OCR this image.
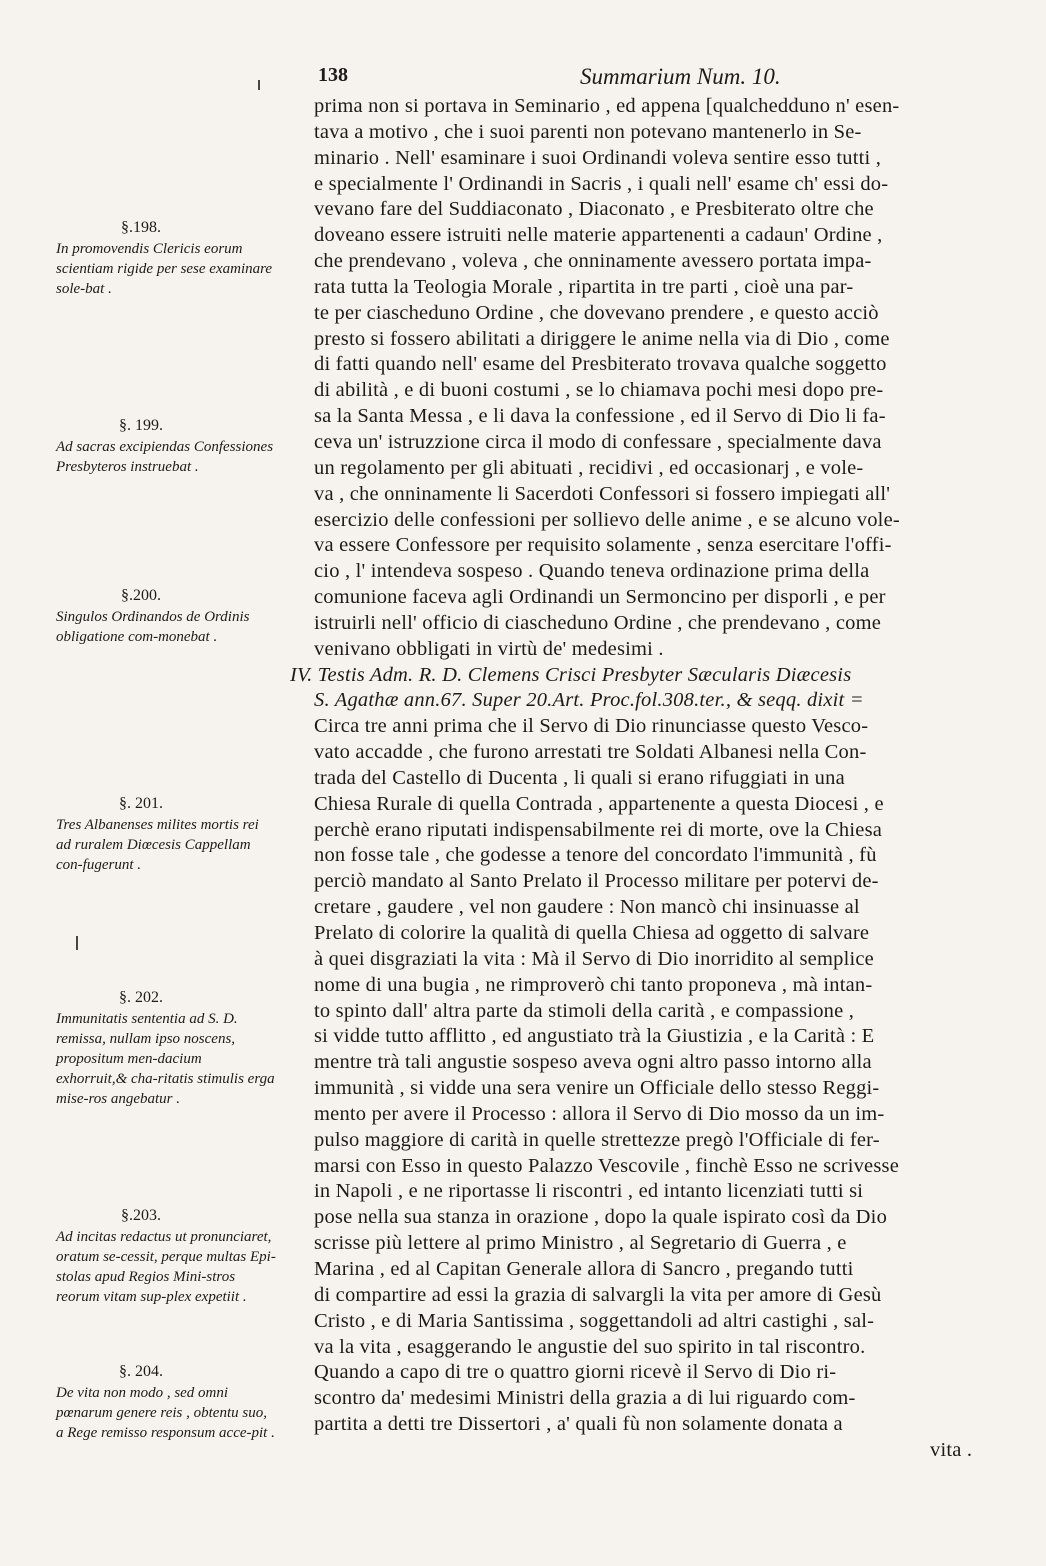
138	Summarium Num. 10.
§.198.
In promovendis Clericis eorum scientiam rigide per sese examinare sole-bat .
§. 199.
Ad sacras excipiendas Confessiones Presbyteros instruebat .
§.200.
Singulos Ordinandos de Ordinis obligatione com-monebat .
§. 201.
Tres Albanenses milites mortis rei ad ruralem Diœcesis Cappellam con-fugerunt .
§. 202.
Immunitatis sententia ad S. D. remissa, nullam ipso noscens, propositum men-dacium exhorruit,& cha-ritatis stimulis erga mise-ros angebatur .
§.203.
Ad incitas redactus ut pronunciaret, oratum se-cessit, perque multas Epi-stolas apud Regios Mini-stros reorum vitam sup-plex expetiit .
§. 204.
De vita non modo , sed omni pœnarum genere reis , obtentu suo, a Rege remisso responsum acce-pit .
prima non si portava in Seminario , ed appena [qualchedduno n' esen-
tava a motivo , che i suoi parenti non potevano mantenerlo in Se-
minario . Nell' esaminare i suoi Ordinandi voleva sentire esso tutti ,
e specialmente l' Ordinandi in Sacris , i quali nell' esame ch' essi do-
vevano fare del Suddiaconato , Diaconato , e Presbiterato oltre che
doveano essere istruiti nelle materie appartenenti a cadaun' Ordine ,
che prendevano , voleva , che onninamente avessero portata impa-
rata tutta la Teologia Morale , ripartita in tre parti , cioè una par-
te per ciascheduno Ordine , che dovevano prendere , e questo acciò
presto si fossero abilitati a diriggere le anime nella via di Dio , come
di fatti quando nell' esame del Presbiterato trovava qualche soggetto
di abilità , e di buoni costumi , se lo chiamava pochi mesi dopo pre-
sa la Santa Messa , e li dava la confessione , ed il Servo di Dio li fa-
ceva un' istruzzione circa il modo di confessare , specialmente dava
un regolamento per gli abituati , recidivi , ed occasionarj , e vole-
va , che onninamente li Sacerdoti Confessori si fossero impiegati all'
esercizio delle confessioni per sollievo delle anime , e se alcuno vole-
va essere Confessore per requisito solamente , senza esercitare l'offi-
cio , l' intendeva sospeso . Quando teneva ordinazione prima della
comunione faceva agli Ordinandi un Sermoncino per disporli , e per
istruirli nell' officio di ciascheduno Ordine , che prendevano , come
venivano obbligati in virtù de' medesimi .
IV. Testis Adm. R. D. Clemens Crisci Presbyter Sæcularis Diæcesis
S. Agathæ ann.67. Super 20.Art. Proc.fol.308.ter., & seqq. dixit =
Circa tre anni prima che il Servo di Dio rinunciasse questo Vesco-
vato accadde , che furono arrestati tre Soldati Albanesi nella Con-
trada del Castello di Ducenta , li quali si erano rifuggiati in una
Chiesa Rurale di quella Contrada , appartenente a questa Diocesi , e
perchè erano riputati indispensabilmente rei di morte, ove la Chiesa
non fosse tale , che godesse a tenore del concordato l'immunità , fù
perciò mandato al Santo Prelato il Processo militare per potervi de-
cretare , gaudere , vel non gaudere : Non mancò chi insinuasse al
Prelato di colorire la qualità di quella Chiesa ad oggetto di salvare
à quei disgraziati la vita : Mà il Servo di Dio inorridito al semplice
nome di una bugia , ne rimproverò chi tanto proponeva , mà intan-
to spinto dall' altra parte da stimoli della carità , e compassione ,
si vidde tutto afflitto , ed angustiato trà la Giustizia , e la Carità : E
mentre trà tali angustie sospeso aveva ogni altro passo intorno alla
immunità , si vidde una sera venire un Officiale dello stesso Reggi-
mento per avere il Processo : allora il Servo di Dio mosso da un im-
pulso maggiore di carità in quelle strettezze pregò l'Officiale di fer-
marsi con Esso in questo Palazzo Vescovile , finchè Esso ne scrivesse
in Napoli , e ne riportasse li riscontri , ed intanto licenziati tutti si
pose nella sua stanza in orazione , dopo la quale ispirato così da Dio
scrisse più lettere al primo Ministro , al Segretario di Guerra , e
Marina , ed al Capitan Generale allora di Sancro , pregando tutti
di compartire ad essi la grazia di salvargli la vita per amore di Gesù
Cristo , e di Maria Santissima , soggettandoli ad altri castighi , sal-
va la vita , esaggerando le angustie del suo spirito in tal riscontro.
Quando a capo di tre o quattro giorni ricevè il Servo di Dio ri-
scontro da' medesimi Ministri della grazia a di lui riguardo com-
partita a detti tre Dissertori , a' quali fù non solamente donata a
vita .
